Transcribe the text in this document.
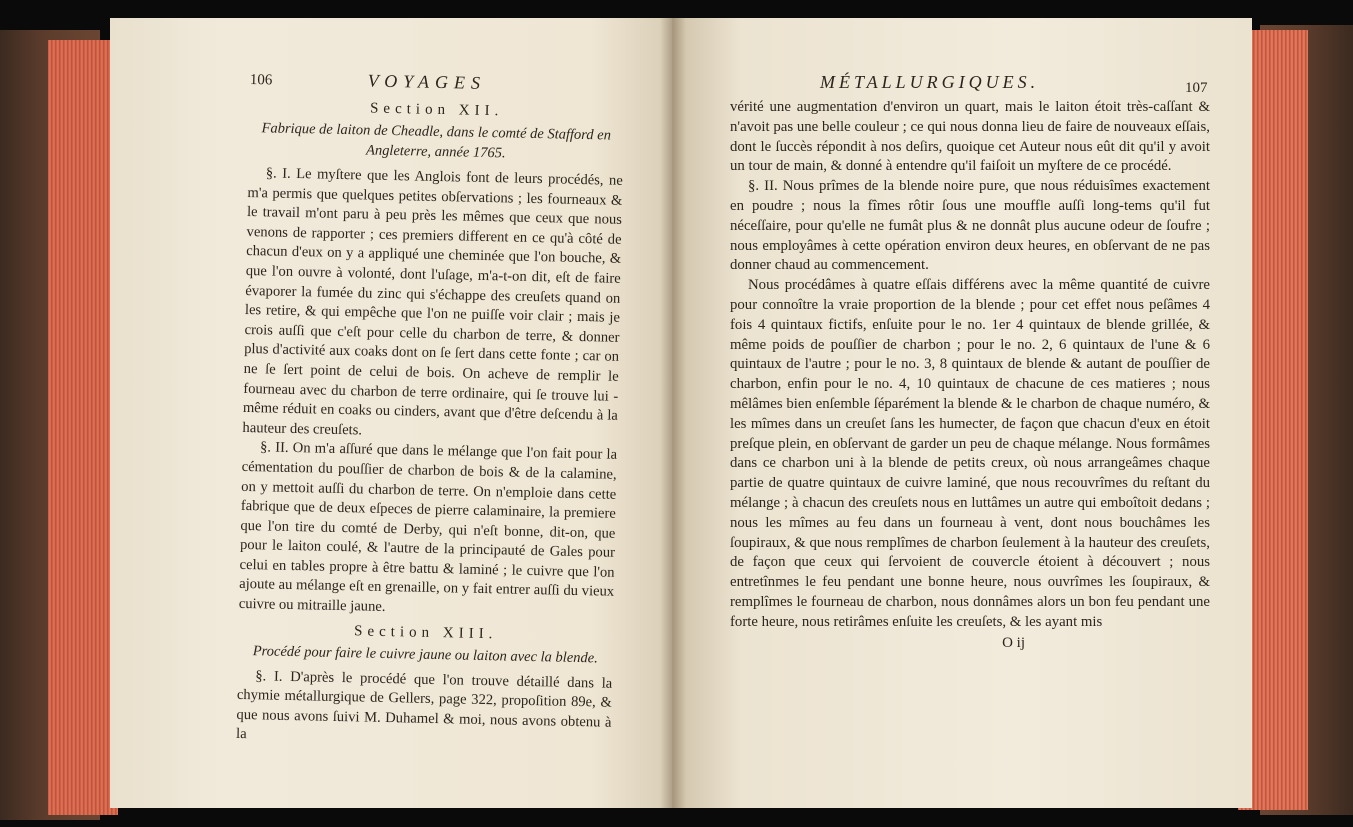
106	VOYAGES
Section XII.
Fabrique de laiton de Cheadle, dans le comté de Stafford en Angleterre, année 1765.

§. I. Le myſtere que les Anglois font de leurs procédés, ne m'a permis que quelques petites obſervations ; les fourneaux & le travail m'ont paru à peu près les mêmes que ceux que nous venons de rapporter ; ces premiers different en ce qu'à côté de chacun d'eux on y a appliqué une cheminée que l'on bouche, & que l'on ouvre à volonté, dont l'uſage, m'a-t-on dit, eſt de faire évaporer la fumée du zinc qui s'échappe des creuſets quand on les retire, & qui empêche que l'on ne puiſſe voir clair ; mais je crois auſſi que c'eſt pour celle du charbon de terre, & donner plus d'activité aux coaks dont on ſe ſert dans cette fonte ; car on ne ſe ſert point de celui de bois. On acheve de remplir le fourneau avec du charbon de terre ordinaire, qui ſe trouve lui - même réduit en coaks ou cinders, avant que d'être deſcendu à la hauteur des creuſets.

§. II. On m'a aſſuré que dans le mélange que l'on fait pour la cémentation du pouſſier de charbon de bois & de la calamine, on y mettoit auſſi du charbon de terre. On n'emploie dans cette fabrique que de deux eſpeces de pierre calaminaire, la premiere que l'on tire du comté de Derby, qui n'eſt bonne, dit-on, que pour le laiton coulé, & l'autre de la principauté de Gales pour celui en tables propre à être battu & laminé ; le cuivre que l'on ajoute au mélange eſt en grenaille, on y fait entrer auſſi du vieux cuivre ou mitraille jaune.

Section XIII.
Procédé pour faire le cuivre jaune ou laiton avec la blende.

§. I. D'après le procédé que l'on trouve détaillé dans la chymie métallurgique de Gellers, page 322, propoſition 89e, & que nous avons ſuivi M. Duhamel & moi, nous avons obtenu à la

MÉTALLURGIQUES.	107

vérité une augmentation d'environ un quart, mais le laiton étoit très-caſſant & n'avoit pas une belle couleur ; ce qui nous donna lieu de faire de nouveaux eſſais, dont le ſuccès répondit à nos deſirs, quoique cet Auteur nous eût dit qu'il y avoit un tour de main, & donné à entendre qu'il faiſoit un myſtere de ce procédé.

§. II. Nous prîmes de la blende noire pure, que nous réduisîmes exactement en poudre ; nous la fîmes rôtir ſous une mouffle auſſi long-tems qu'il fut néceſſaire, pour qu'elle ne fumât plus & ne donnât plus aucune odeur de ſoufre ; nous employâmes à cette opération environ deux heures, en obſervant de ne pas donner chaud au commencement.

Nous procédâmes à quatre eſſais différens avec la même quantité de cuivre pour connoître la vraie proportion de la blende ; pour cet effet nous peſâmes 4 fois 4 quintaux fictifs, enſuite pour le no. 1er 4 quintaux de blende grillée, & même poids de pouſſier de charbon ; pour le no. 2, 6 quintaux de l'une & 6 quintaux de l'autre ; pour le no. 3, 8 quintaux de blende & autant de pouſſier de charbon, enfin pour le no. 4, 10 quintaux de chacune de ces matieres ; nous mêlâmes bien enſemble ſéparément la blende & le charbon de chaque numéro, & les mîmes dans un creuſet ſans les humecter, de façon que chacun d'eux en étoit preſque plein, en obſervant de garder un peu de chaque mélange. Nous formâmes dans ce charbon uni à la blende de petits creux, où nous arrangeâmes chaque partie de quatre quintaux de cuivre laminé, que nous recouvrîmes du reſtant du mélange ; à chacun des creuſets nous en luttâmes un autre qui emboîtoit dedans ; nous les mîmes au feu dans un fourneau à vent, dont nous bouchâmes les ſoupiraux, & que nous remplîmes de charbon ſeulement à la hauteur des creuſets, de façon que ceux qui ſervoient de couvercle étoient à découvert ; nous entretînmes le feu pendant une bonne heure, nous ouvrîmes les ſoupiraux, & remplîmes le fourneau de charbon, nous donnâmes alors un bon feu pendant une forte heure, nous retirâmes enſuite les creuſets, & les ayant mis

O ij
